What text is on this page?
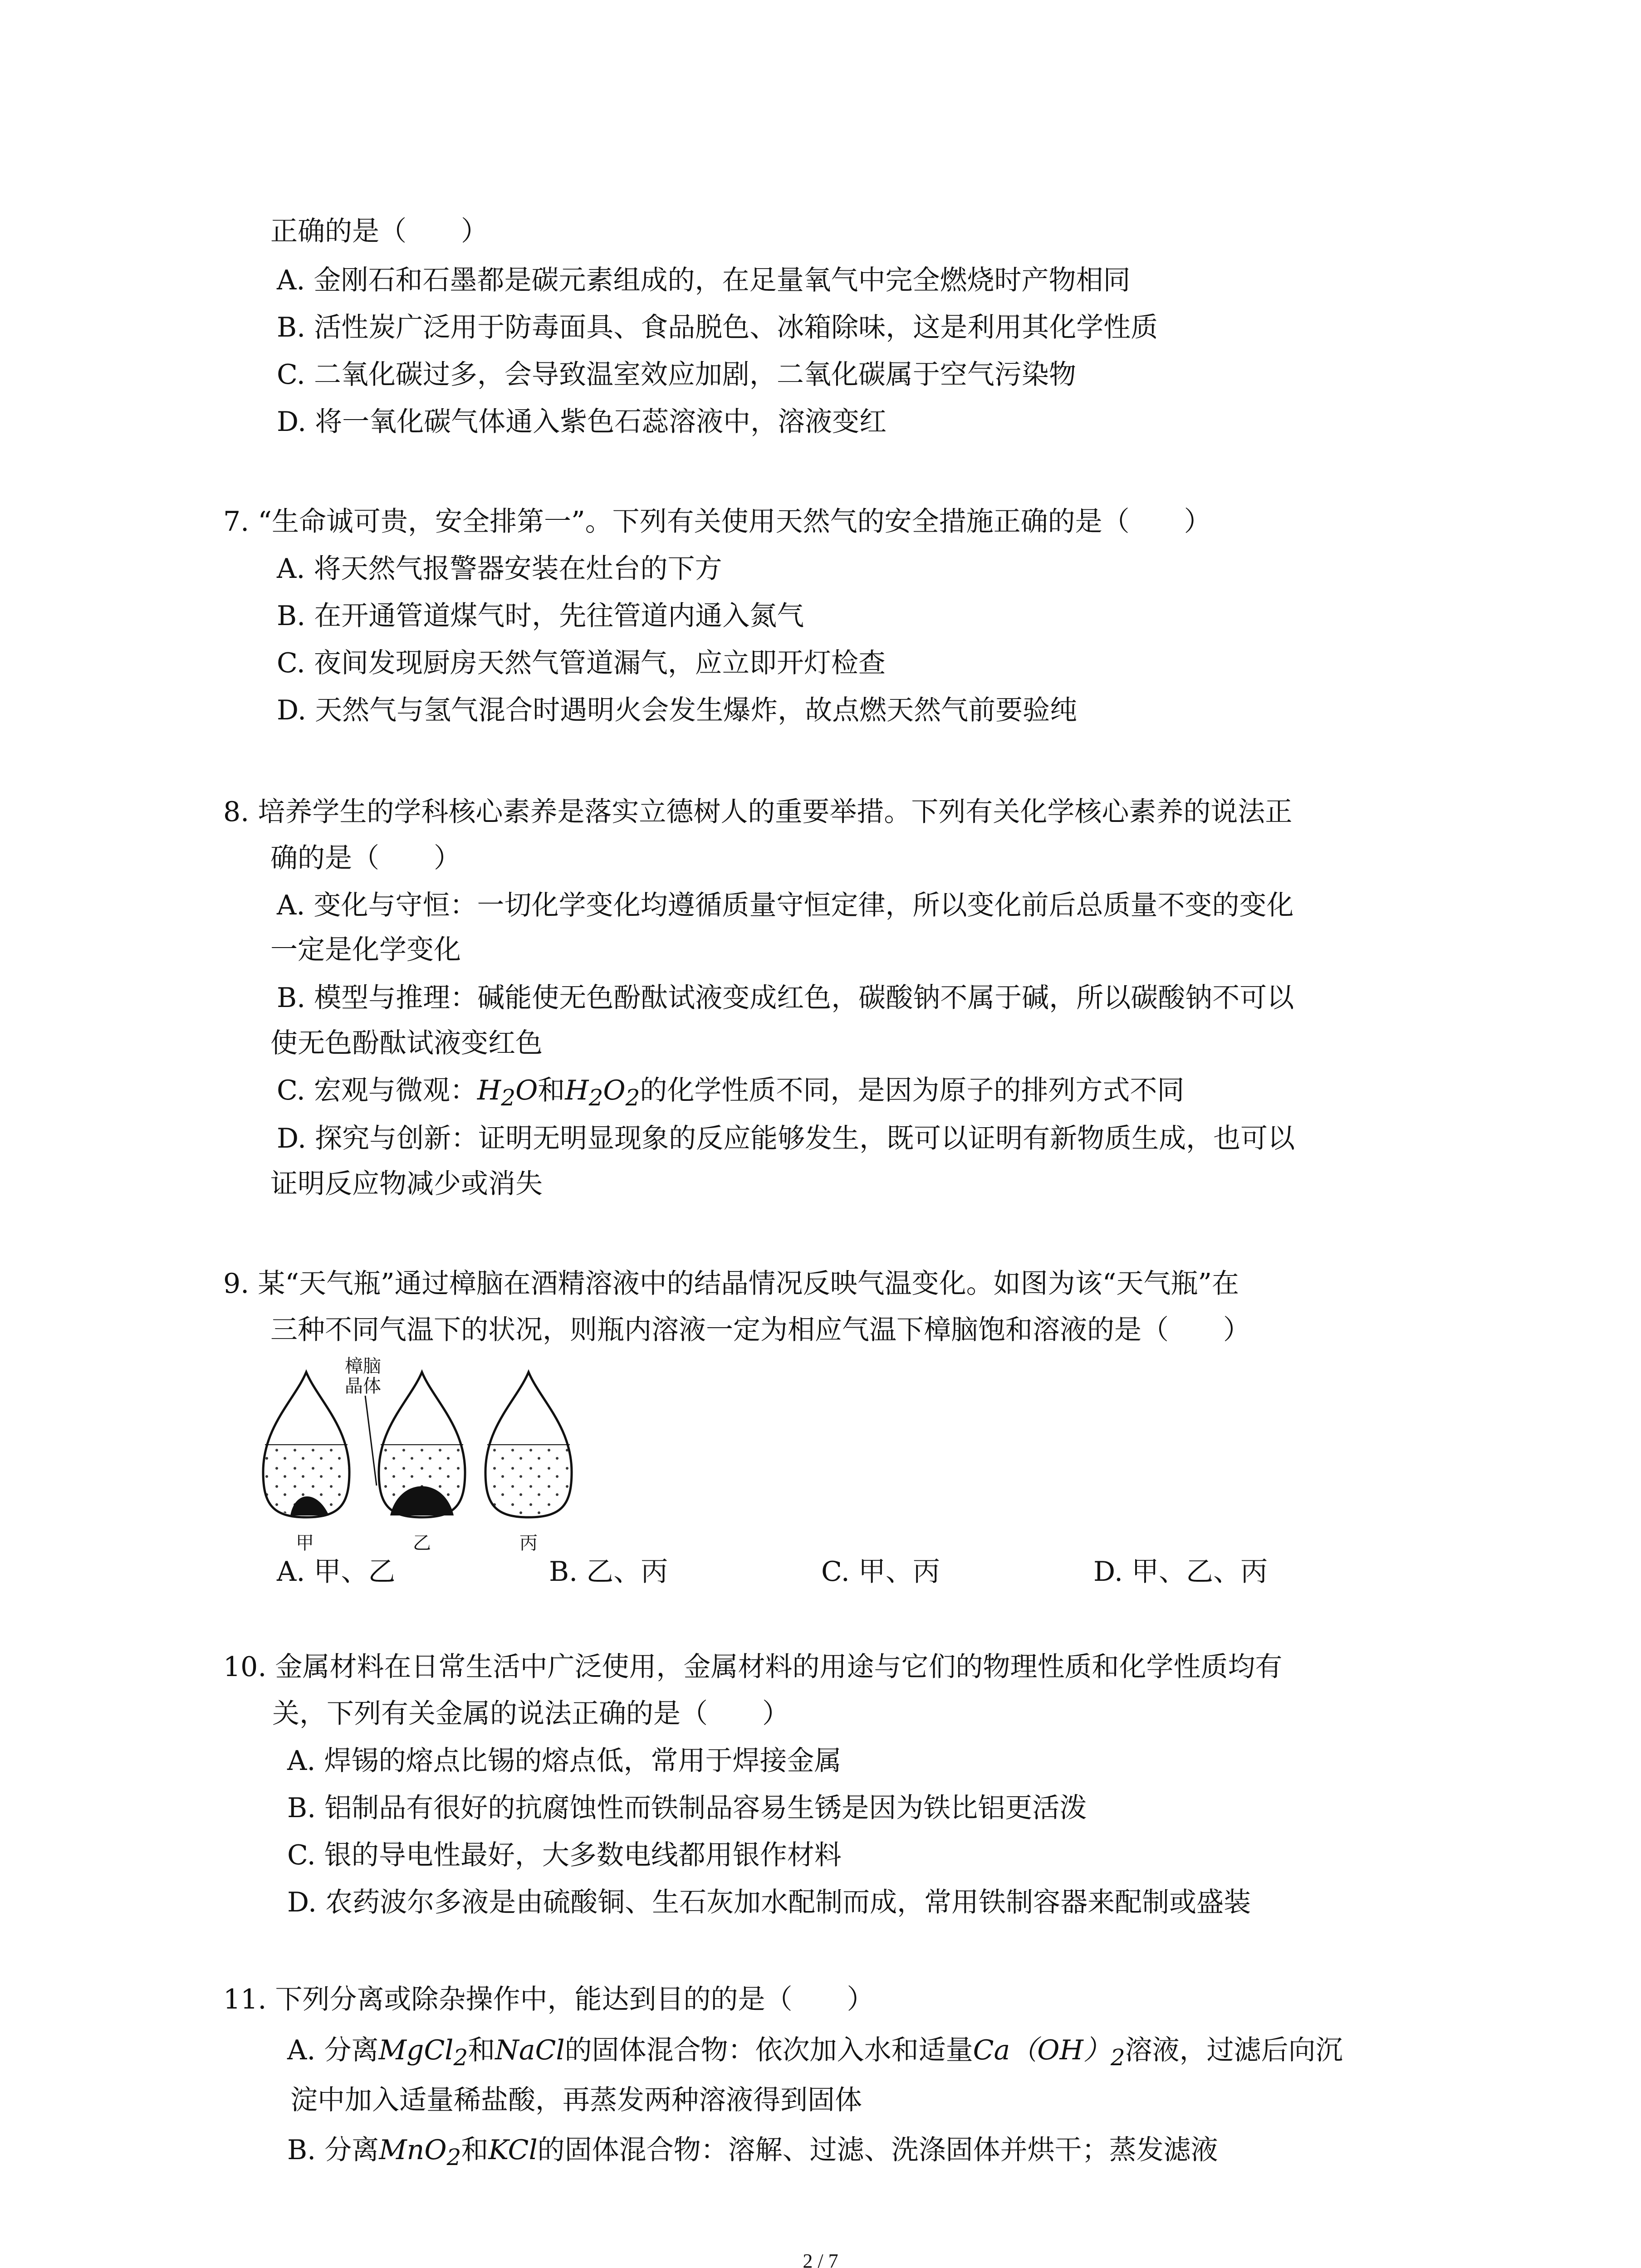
正确的是（　　）
A. 金刚石和石墨都是碳元素组成的，在足量氧气中完全燃烧时产物相同
B. 活性炭广泛用于防毒面具、食品脱色、冰箱除味，这是利用其化学性质
C. 二氧化碳过多，会导致温室效应加剧，二氧化碳属于空气污染物
D. 将一氧化碳气体通入紫色石蕊溶液中，溶液变红
7. “生命诚可贵，安全排第一”。下列有关使用天然气的安全措施正确的是（　　）
A. 将天然气报警器安装在灶台的下方
B. 在开通管道煤气时，先往管道内通入氮气
C. 夜间发现厨房天然气管道漏气，应立即开灯检查
D. 天然气与氢气混合时遇明火会发生爆炸，故点燃天然气前要验纯
8. 培养学生的学科核心素养是落实立德树人的重要举措。下列有关化学核心素养的说法正
确的是（　　）
A. 变化与守恒：一切化学变化均遵循质量守恒定律，所以变化前后总质量不变的变化
一定是化学变化
B. 模型与推理：碱能使无色酚酞试液变成红色，碳酸钠不属于碱，所以碳酸钠不可以
使无色酚酞试液变红色
C. 宏观与微观：$H_2O$和$H_2O_2$的化学性质不同，是因为原子的排列方式不同
D. 探究与创新：证明无明显现象的反应能够发生，既可以证明有新物质生成，也可以
证明反应物减少或消失
9. 某“天气瓶”通过樟脑在酒精溶液中的结晶情况反映气温变化。如图为该“天气瓶”在
三种不同气温下的状况，则瓶内溶液一定为相应气温下樟脑饱和溶液的是（　　）
樟脑
晶体
甲	乙	丙
A. 甲、乙	B. 乙、丙	C. 甲、丙	D. 甲、乙、丙
10. 金属材料在日常生活中广泛使用，金属材料的用途与它们的物理性质和化学性质均有
关，下列有关金属的说法正确的是（　　）
A. 焊锡的熔点比锡的熔点低，常用于焊接金属
B. 铝制品有很好的抗腐蚀性而铁制品容易生锈是因为铁比铝更活泼
C. 银的导电性最好，大多数电线都用银作材料
D. 农药波尔多液是由硫酸铜、生石灰加水配制而成，常用铁制容器来配制或盛装
11. 下列分离或除杂操作中，能达到目的的是（　　）
A. 分离MgCl$_2$和NaCl的固体混合物：依次加入水和适量$Ca(OH)_2$溶液，过滤后向沉
淀中加入适量稀盐酸，再蒸发两种溶液得到固体
B. 分离MnO$_2$和KCl的固体混合物：溶解、过滤、洗涤固体并烘干；蒸发滤液
2 / 7
